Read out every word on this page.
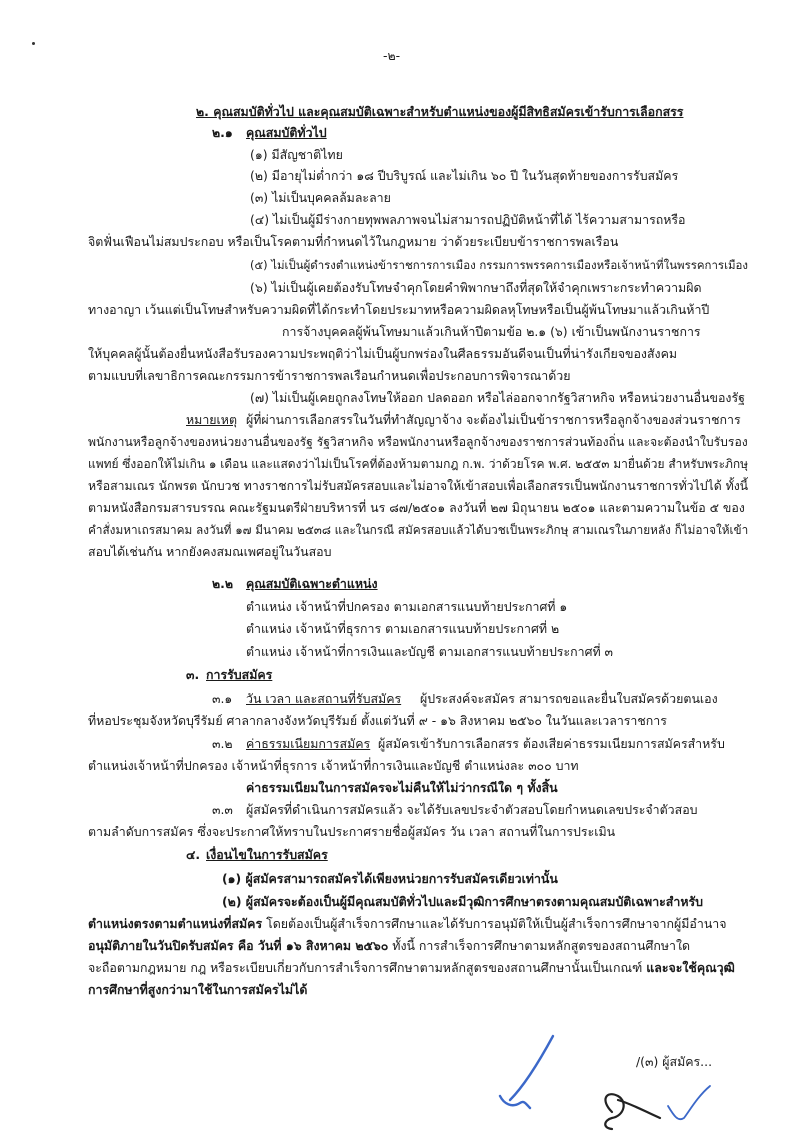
-๒-
๒. คุณสมบัติทั่วไป และคุณสมบัติเฉพาะสำหรับตำแหน่งของผู้มีสิทธิสมัครเข้ารับการเลือกสรร
๒.๑ คุณสมบัติทั่วไป
(๑) มีสัญชาติไทย
(๒) มีอายุไม่ต่ำกว่า ๑๘ ปีบริบูรณ์ และไม่เกิน ๖๐ ปี ในวันสุดท้ายของการรับสมัคร
(๓) ไม่เป็นบุคคลล้มละลาย
(๔) ไม่เป็นผู้มีร่างกายทุพพลภาพจนไม่สามารถปฏิบัติหน้าที่ได้ ไร้ความสามารถหรือ
จิตฟั่นเฟือนไม่สมประกอบ หรือเป็นโรคตามที่กำหนดไว้ในกฎหมาย ว่าด้วยระเบียบข้าราชการพลเรือน
(๕) ไม่เป็นผู้ดำรงตำแหน่งข้าราชการการเมือง กรรมการพรรคการเมืองหรือเจ้าหน้าที่ในพรรคการเมือง
(๖) ไม่เป็นผู้เคยต้องรับโทษจำคุกโดยคำพิพากษาถึงที่สุดให้จำคุกเพราะกระทำความผิด
ทางอาญา เว้นแต่เป็นโทษสำหรับความผิดที่ได้กระทำโดยประมาทหรือความผิดลหุโทษหรือเป็นผู้พ้นโทษมาแล้วเกินห้าปี
การจ้างบุคคลผู้พ้นโทษมาแล้วเกินห้าปีตามข้อ ๒.๑ (๖) เข้าเป็นพนักงานราชการ
ให้บุคคลผู้นั้นต้องยื่นหนังสือรับรองความประพฤติว่าไม่เป็นผู้บกพร่องในศีลธรรมอันดีจนเป็นที่น่ารังเกียจของสังคม
ตามแบบที่เลขาธิการคณะกรรมการข้าราชการพลเรือนกำหนดเพื่อประกอบการพิจารณาด้วย
(๗) ไม่เป็นผู้เคยถูกลงโทษให้ออก ปลดออก หรือไล่ออกจากรัฐวิสาหกิจ หรือหน่วยงานอื่นของรัฐ
หมายเหตุ ผู้ที่ผ่านการเลือกสรรในวันที่ทำสัญญาจ้าง จะต้องไม่เป็นข้าราชการหรือลูกจ้างของส่วนราชการ
พนักงานหรือลูกจ้างของหน่วยงานอื่นของรัฐ รัฐวิสาหกิจ หรือพนักงานหรือลูกจ้างของราชการส่วนท้องถิ่น และจะต้องนำใบรับรอง
แพทย์ ซึ่งออกให้ไม่เกิน ๑ เดือน และแสดงว่าไม่เป็นโรคที่ต้องห้ามตามกฎ ก.พ. ว่าด้วยโรค พ.ศ. ๒๕๕๓ มายื่นด้วย สำหรับพระภิกษุ
หรือสามเณร นักพรต นักบวช ทางราชการไม่รับสมัครสอบและไม่อาจให้เข้าสอบเพื่อเลือกสรรเป็นพนักงานราชการทั่วไปได้ ทั้งนี้
ตามหนังสือกรมสารบรรณ คณะรัฐมนตรีฝ่ายบริหารที่ นร ๘๗/๒๕๐๑ ลงวันที่ ๒๗ มิถุนายน ๒๕๐๑ และตามความในข้อ ๕ ของ
คำสั่งมหาเถรสมาคม ลงวันที่ ๑๗ มีนาคม ๒๕๓๘ และในกรณี สมัครสอบแล้วได้บวชเป็นพระภิกษุ สามเณรในภายหลัง ก็ไม่อาจให้เข้า
สอบได้เช่นกัน หากยังคงสมณเพศอยู่ในวันสอบ
๒.๒ คุณสมบัติเฉพาะตำแหน่ง
ตำแหน่ง เจ้าหน้าที่ปกครอง ตามเอกสารแนบท้ายประกาศที่ ๑
ตำแหน่ง เจ้าหน้าที่ธุรการ ตามเอกสารแนบท้ายประกาศที่ ๒
ตำแหน่ง เจ้าหน้าที่การเงินและบัญชี ตามเอกสารแนบท้ายประกาศที่ ๓
๓. การรับสมัคร
๓.๑ วัน เวลา และสถานที่รับสมัคร ผู้ประสงค์จะสมัคร สามารถขอและยื่นใบสมัครด้วยตนเอง
ที่หอประชุมจังหวัดบุรีรัมย์ ศาลากลางจังหวัดบุรีรัมย์ ตั้งแต่วันที่ ๙ - ๑๖ สิงหาคม ๒๕๖๐ ในวันและเวลาราชการ
๓.๒ ค่าธรรมเนียมการสมัคร ผู้สมัครเข้ารับการเลือกสรร ต้องเสียค่าธรรมเนียมการสมัครสำหรับ
ตำแหน่งเจ้าหน้าที่ปกครอง เจ้าหน้าที่ธุรการ เจ้าหน้าที่การเงินและบัญชี ตำแหน่งละ ๓๐๐ บาท
ค่าธรรมเนียมในการสมัครจะไม่คืนให้ไม่ว่ากรณีใด ๆ ทั้งสิ้น
๓.๓ ผู้สมัครที่ดำเนินการสมัครแล้ว จะได้รับเลขประจำตัวสอบโดยกำหนดเลขประจำตัวสอบ
ตามลำดับการสมัคร ซึ่งจะประกาศให้ทราบในประกาศรายชื่อผู้สมัคร วัน เวลา สถานที่ในการประเมิน
๔. เงื่อนไขในการรับสมัคร
(๑) ผู้สมัครสามารถสมัครได้เพียงหน่วยการรับสมัครเดียวเท่านั้น
(๒) ผู้สมัครจะต้องเป็นผู้มีคุณสมบัติทั่วไปและมีวุฒิการศึกษาตรงตามคุณสมบัติเฉพาะสำหรับ
ตำแหน่งตรงตามตำแหน่งที่สมัคร โดยต้องเป็นผู้สำเร็จการศึกษาและได้รับการอนุมัติให้เป็นผู้สำเร็จการศึกษาจากผู้มีอำนาจ
อนุมัติภายในวันปิดรับสมัคร คือ วันที่ ๑๖ สิงหาคม ๒๕๖๐ ทั้งนี้ การสำเร็จการศึกษาตามหลักสูตรของสถานศึกษาใด
จะถือตามกฎหมาย กฎ หรือระเบียบเกี่ยวกับการสำเร็จการศึกษาตามหลักสูตรของสถานศึกษานั้นเป็นเกณฑ์ และจะใช้คุณวุฒิ
การศึกษาที่สูงกว่ามาใช้ในการสมัครไม่ได้
/(๓) ผู้สมัคร...
